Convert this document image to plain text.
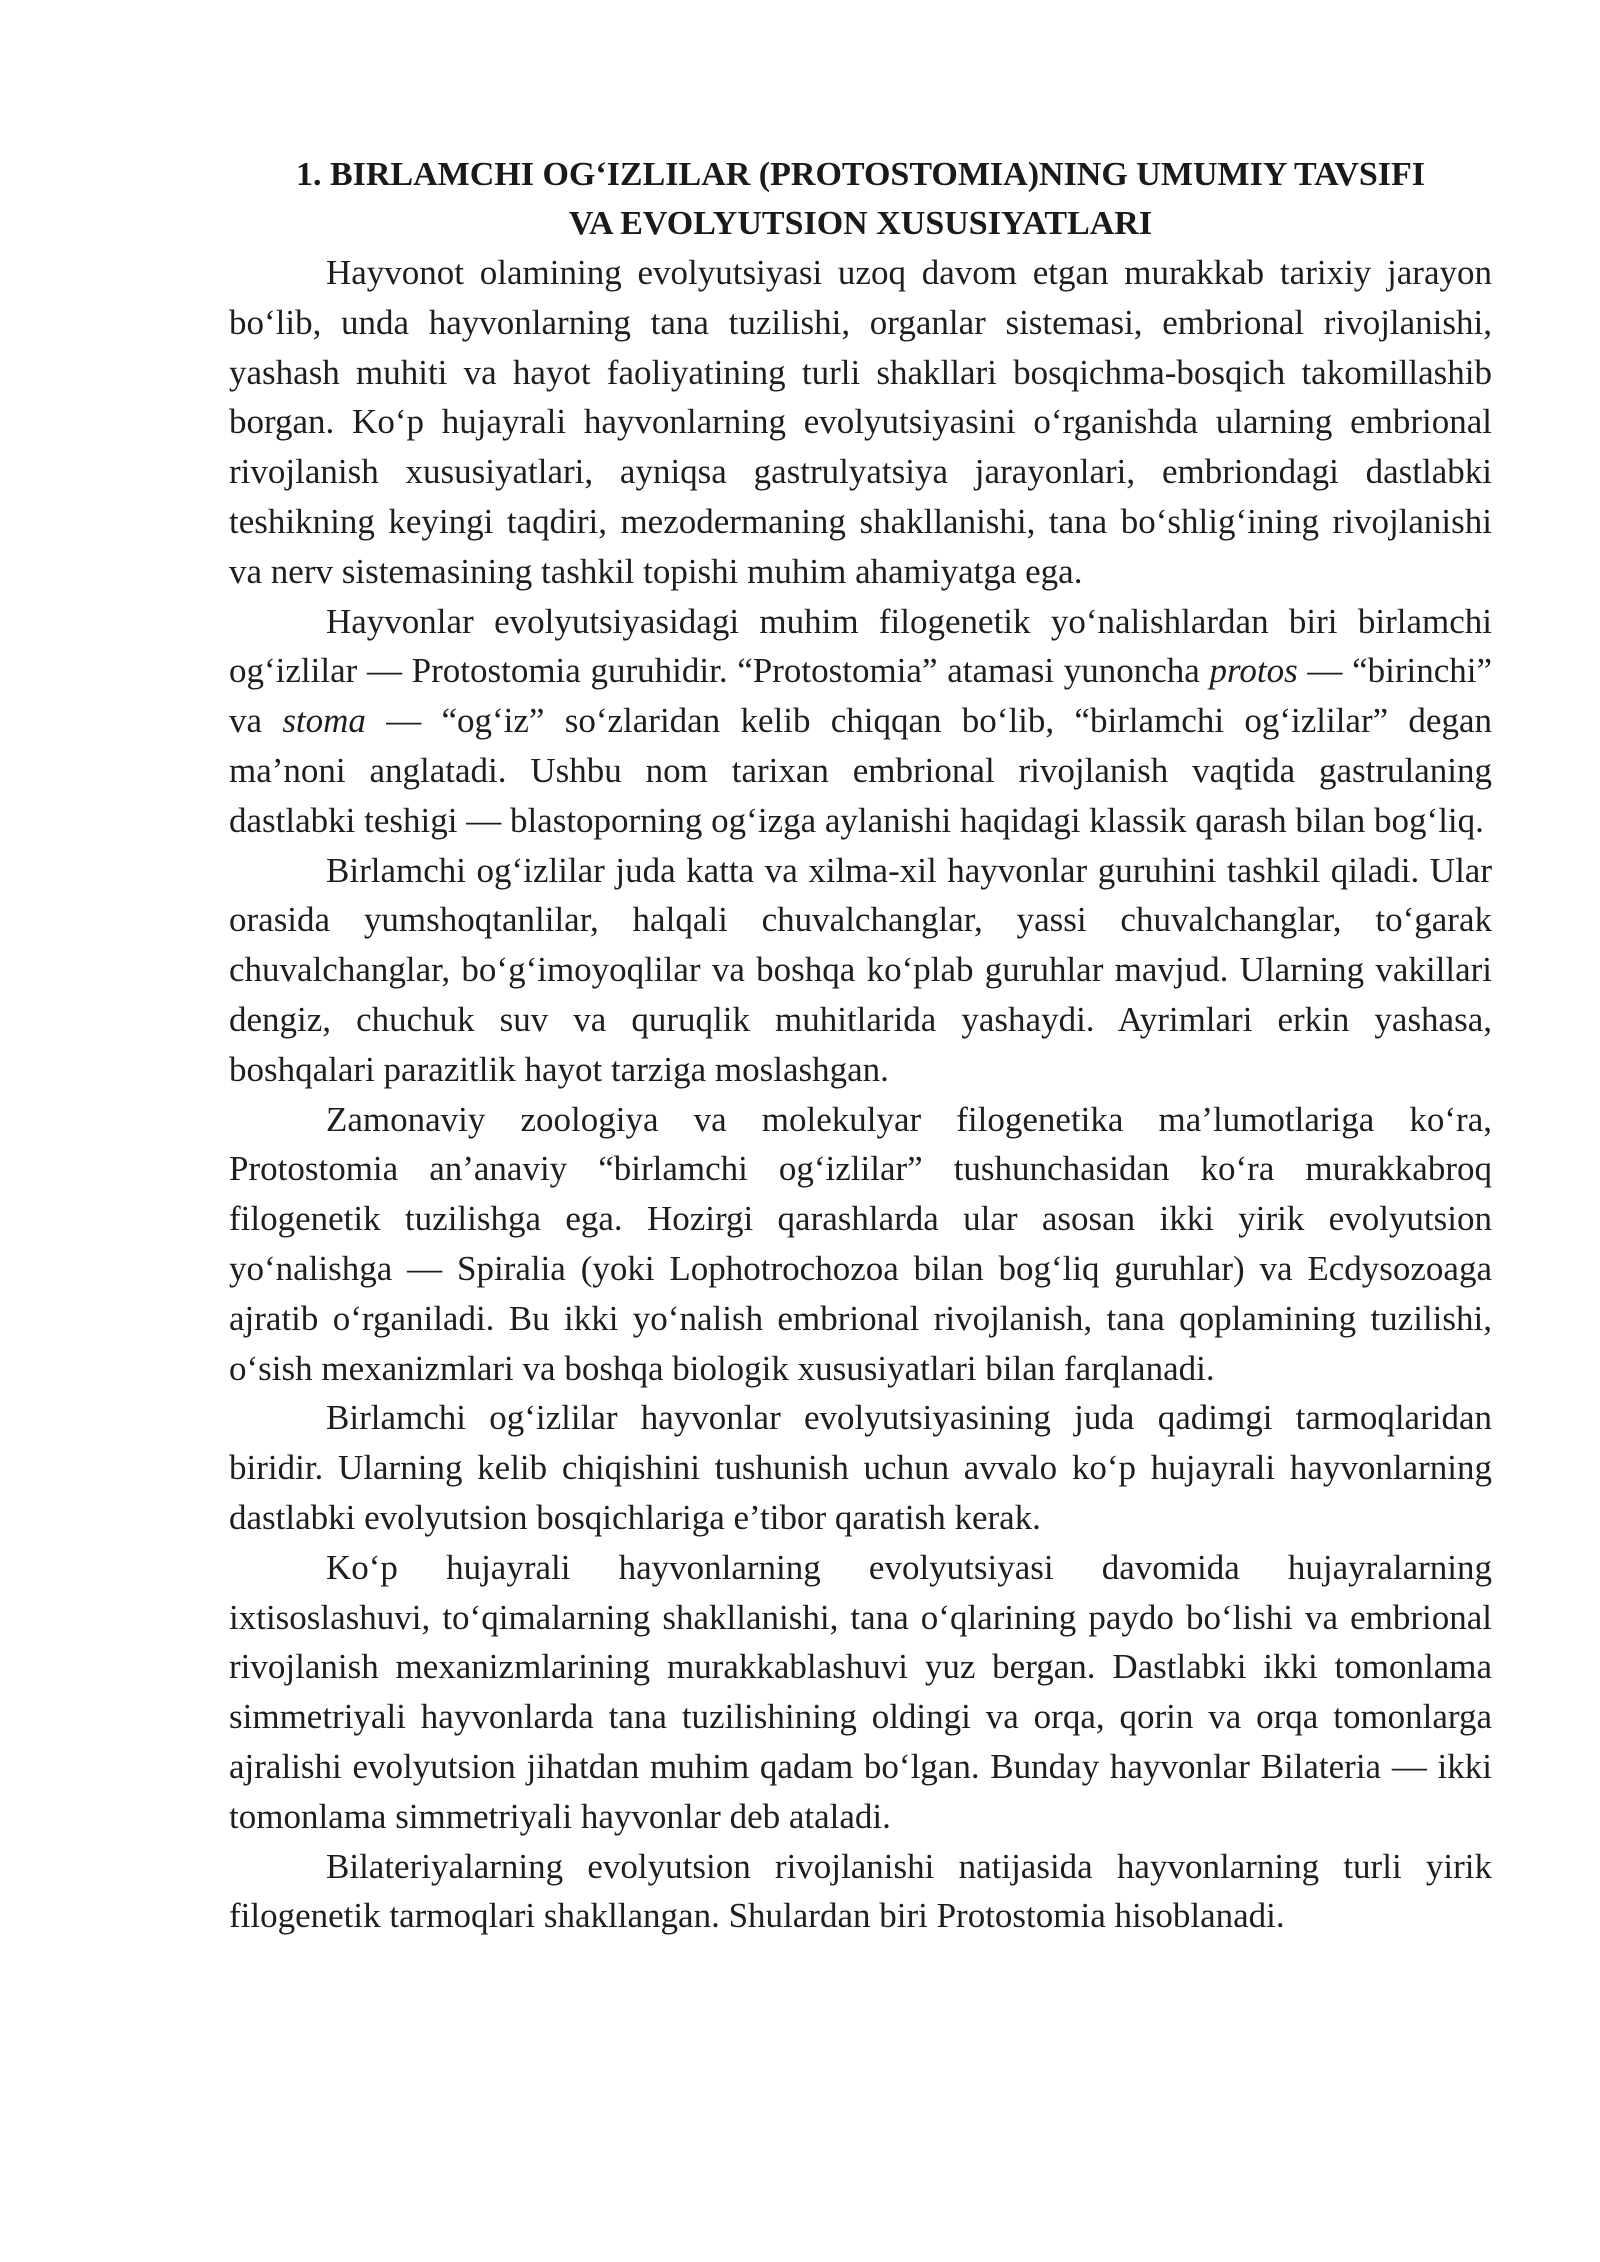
1. BIRLAMCHI OG‘IZLILAR (PROTOSTOMIA)NING UMUMIY TAVSIFI
VA EVOLYUTSION XUSUSIYATLARI

Hayvonot olamining evolyutsiyasi uzoq davom etgan murakkab tarixiy jarayon bo‘lib, unda hayvonlarning tana tuzilishi, organlar sistemasi, embrional rivojlanishi, yashash muhiti va hayot faoliyatining turli shakllari bosqichma-bosqich takomillashib borgan. Ko‘p hujayrali hayvonlarning evolyutsiyasini o‘rganishda ularning embrional rivojlanish xususiyatlari, ayniqsa gastrulyatsiya jarayonlari, embriondagi dastlabki teshikning keyingi taqdiri, mezodermaning shakllanishi, tana bo‘shlig‘ining rivojlanishi va nerv sistemasining tashkil topishi muhim ahamiyatga ega.

Hayvonlar evolyutsiyasidagi muhim filogenetik yo‘nalishlardan biri birlamchi og‘izlilar — Protostomia guruhidir. “Protostomia” atamasi yunoncha protos — “birinchi” va stoma — “og‘iz” so‘zlaridan kelib chiqqan bo‘lib, “birlamchi og‘izlilar” degan ma’noni anglatadi. Ushbu nom tarixan embrional rivojlanish vaqtida gastrulaning dastlabki teshigi — blastoporning og‘izga aylanishi haqidagi klassik qarash bilan bog‘liq.

Birlamchi og‘izlilar juda katta va xilma-xil hayvonlar guruhini tashkil qiladi. Ular orasida yumshoqtanlilar, halqali chuvalchanglar, yassi chuvalchanglar, to‘garak chuvalchanglar, bo‘g‘imoyoqlilar va boshqa ko‘plab guruhlar mavjud. Ularning vakillari dengiz, chuchuk suv va quruqlik muhitlarida yashaydi. Ayrimlari erkin yashasa, boshqalari parazitlik hayot tarziga moslashgan.

Zamonaviy zoologiya va molekulyar filogenetika ma’lumotlariga ko‘ra, Protostomia an’anaviy “birlamchi og‘izlilar” tushunchasidan ko‘ra murakkabroq filogenetik tuzilishga ega. Hozirgi qarashlarda ular asosan ikki yirik evolyutsion yo‘nalishga — Spiralia (yoki Lophotrochozoa bilan bog‘liq guruhlar) va Ecdysozoaga ajratib o‘rganiladi. Bu ikki yo‘nalish embrional rivojlanish, tana qoplamining tuzilishi, o‘sish mexanizmlari va boshqa biologik xususiyatlari bilan farqlanadi.

Birlamchi og‘izlilar hayvonlar evolyutsiyasining juda qadimgi tarmoqlaridan biridir. Ularning kelib chiqishini tushunish uchun avvalo ko‘p hujayrali hayvonlarning dastlabki evolyutsion bosqichlariga e’tibor qaratish kerak.

Ko‘p hujayrali hayvonlarning evolyutsiyasi davomida hujayralarning ixtisoslashuvi, to‘qimalarning shakllanishi, tana o‘qlarining paydo bo‘lishi va embrional rivojlanish mexanizmlarining murakkablashuvi yuz bergan. Dastlabki ikki tomonlama simmetriyali hayvonlarda tana tuzilishining oldingi va orqa, qorin va orqa tomonlarga ajralishi evolyutsion jihatdan muhim qadam bo‘lgan. Bunday hayvonlar Bilateria — ikki tomonlama simmetriyali hayvonlar deb ataladi.

Bilateriyalarning evolyutsion rivojlanishi natijasida hayvonlarning turli yirik filogenetik tarmoqlari shakllangan. Shulardan biri Protostomia hisoblanadi.
